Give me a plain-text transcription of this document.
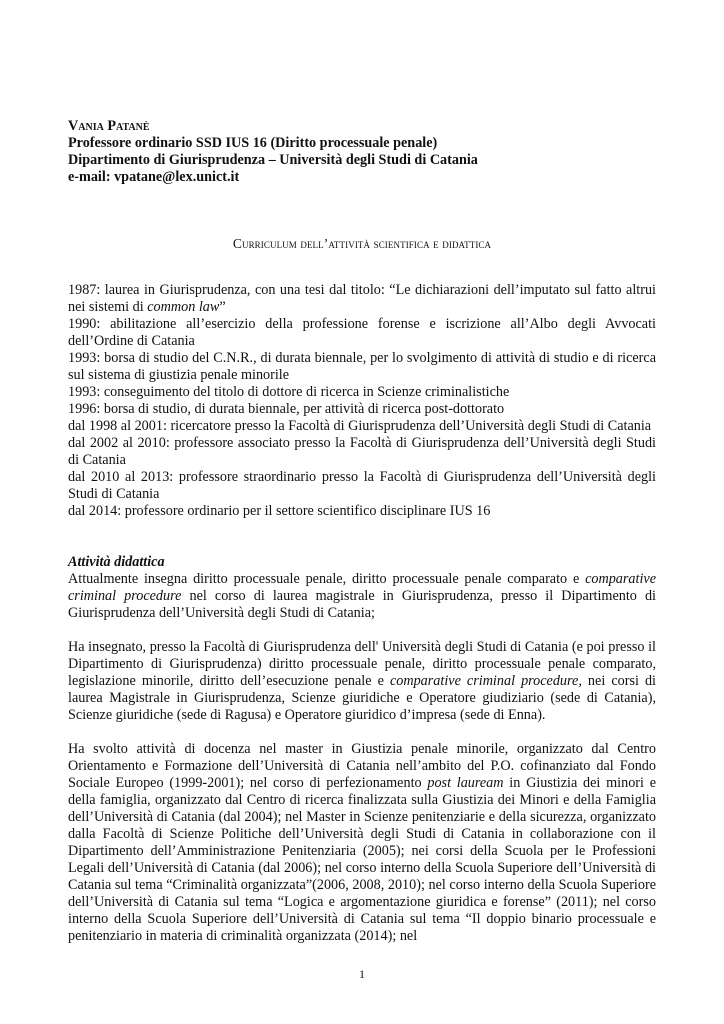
Vania Patanè
Professore ordinario SSD IUS 16 (Diritto processuale penale)
Dipartimento di Giurisprudenza – Università degli Studi di Catania
e-mail: vpatane@lex.unict.it
Curriculum dell’attività scientifica e didattica

1987: laurea in Giurisprudenza, con una tesi dal titolo: “Le dichiarazioni dell’imputato sul fatto altrui nei sistemi di common law”

1990: abilitazione all’esercizio della professione forense e iscrizione all’Albo degli Avvocati dell’Ordine di Catania

1993: borsa di studio del C.N.R., di durata biennale, per lo svolgimento di attività di studio e di ricerca sul sistema di giustizia penale minorile

1993: conseguimento del titolo di dottore di ricerca in Scienze criminalistiche

1996: borsa di studio, di durata biennale, per attività di ricerca post-dottorato

dal 1998 al 2001: ricercatore presso la Facoltà di Giurisprudenza dell’Università degli Studi di Catania

dal 2002 al 2010: professore associato presso la Facoltà di Giurisprudenza dell’Università degli Studi di Catania

dal 2010 al 2013: professore straordinario presso la Facoltà di Giurisprudenza dell’Università degli Studi di Catania

dal 2014: professore ordinario per il settore scientifico disciplinare IUS 16

Attività didattica

Attualmente insegna diritto processuale penale, diritto processuale penale comparato e comparative criminal procedure nel corso di laurea magistrale in Giurisprudenza, presso il Dipartimento di Giurisprudenza dell’Università degli Studi di Catania;

Ha insegnato, presso la Facoltà di Giurisprudenza dell' Università degli Studi di Catania (e poi presso il Dipartimento di Giurisprudenza) diritto processuale penale, diritto processuale penale comparato, legislazione minorile, diritto dell’esecuzione penale e comparative criminal procedure, nei corsi di laurea Magistrale in Giurisprudenza, Scienze giuridiche e Operatore giudiziario (sede di Catania), Scienze giuridiche (sede di Ragusa) e Operatore giuridico d’impresa (sede di Enna).

Ha svolto attività di docenza nel master in Giustizia penale minorile, organizzato dal Centro Orientamento e Formazione dell’Università di Catania nell’ambito del P.O. cofinanziato dal Fondo Sociale Europeo (1999-2001); nel corso di perfezionamento post lauream in Giustizia dei minori e della famiglia, organizzato dal Centro di ricerca finalizzata sulla Giustizia dei Minori e della Famiglia dell’Università di Catania (dal 2004); nel Master in Scienze penitenziarie e della sicurezza, organizzato dalla Facoltà di Scienze Politiche dell’Università degli Studi di Catania in collaborazione con il Dipartimento dell’Amministrazione Penitenziaria (2005); nei corsi della Scuola per le Professioni Legali dell’Università di Catania (dal 2006); nel corso interno della Scuola Superiore dell’Università di Catania sul tema “Criminalità organizzata”(2006, 2008, 2010); nel corso interno della Scuola Superiore dell’Università di Catania sul tema “Logica e argomentazione giuridica e forense” (2011); nel corso interno della Scuola Superiore dell’Università di Catania sul tema “Il doppio binario processuale e penitenziario in materia di criminalità organizzata (2014); nel

1
